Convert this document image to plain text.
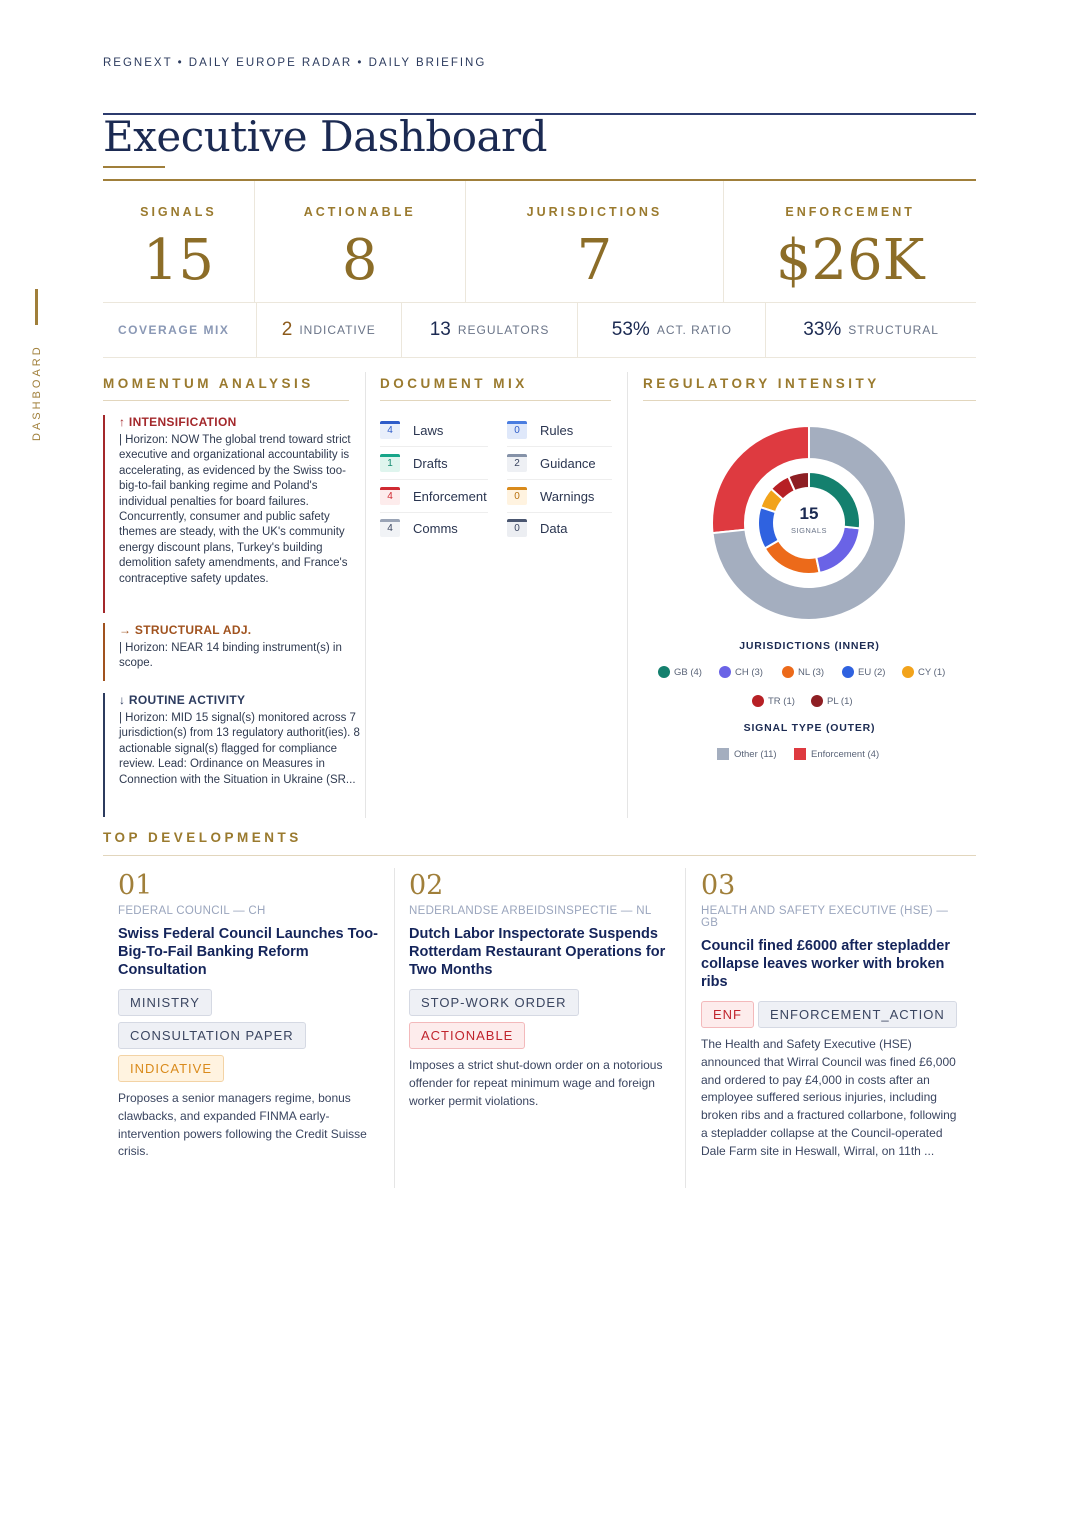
REGNEXT • DAILY EUROPE RADAR • DAILY BRIEFING
Executive Dashboard
DASHBOARD
SIGNALS
15
ACTIONABLE
8
JURISDICTIONS
7
ENFORCEMENT
$26K
COVERAGE MIX	2 INDICATIVE	13 REGULATORS	53% ACT. RATIO	33% STRUCTURAL
MOMENTUM ANALYSIS
↑ INTENSIFICATION
| Horizon: NOW The global trend toward strict executive and organizational accountability is accelerating, as evidenced by the Swiss too-big-to-fail banking regime and Poland's individual penalties for board failures. Concurrently, consumer and public safety themes are steady, with the UK's community energy discount plans, Turkey's building demolition safety amendments, and France's contraceptive safety updates.
→ STRUCTURAL ADJ.
| Horizon: NEAR 14 binding instrument(s) in scope.
↓ ROUTINE ACTIVITY
| Horizon: MID 15 signal(s) monitored across 7 jurisdiction(s) from 13 regulatory authorit(ies). 8 actionable signal(s) flagged for compliance review. Lead: Ordinance on Measures in Connection with the Situation in Ukraine (SR...
DOCUMENT MIX
4	Laws	0	Rules
1	Drafts	2	Guidance
4	Enforcement	0	Warnings
4	Comms	0	Data
REGULATORY INTENSITY
15
SIGNALS
JURISDICTIONS (INNER)
SIGNAL TYPE (OUTER)
GB (4)	CH (3)	NL (3)	EU (2)	CY (1)
TR (1)	PL (1)
Other (11)	Enforcement (4)
TOP DEVELOPMENTS
01
FEDERAL COUNCIL — CH
Swiss Federal Council Launches Too-Big-To-Fail Banking Reform Consultation
MINISTRY
CONSULTATION PAPER
INDICATIVE

Proposes a senior managers regime, bonus clawbacks, and expanded FINMA early-intervention powers following the Credit Suisse crisis.
02
NEDERLANDSE ARBEIDSINSPECTIE — NL
Dutch Labor Inspectorate Suspends Rotterdam Restaurant Operations for Two Months
STOP-WORK ORDER
ACTIONABLE
Imposes a strict shut-down order on a notorious offender for repeat minimum wage and foreign worker permit violations.
03
HEALTH AND SAFETY EXECUTIVE (HSE) — GB
Council fined £6000 after stepladder collapse leaves worker with broken ribs
ENF ENFORCEMENT_ACTION
The Health and Safety Executive (HSE) announced that Wirral Council was fined £6,000 and ordered to pay £4,000 in costs after an employee suffered serious injuries, including broken ribs and a fractured collarbone, following a stepladder collapse at the Council-operated Dale Farm site in Heswall, Wirral, on 11th ...
